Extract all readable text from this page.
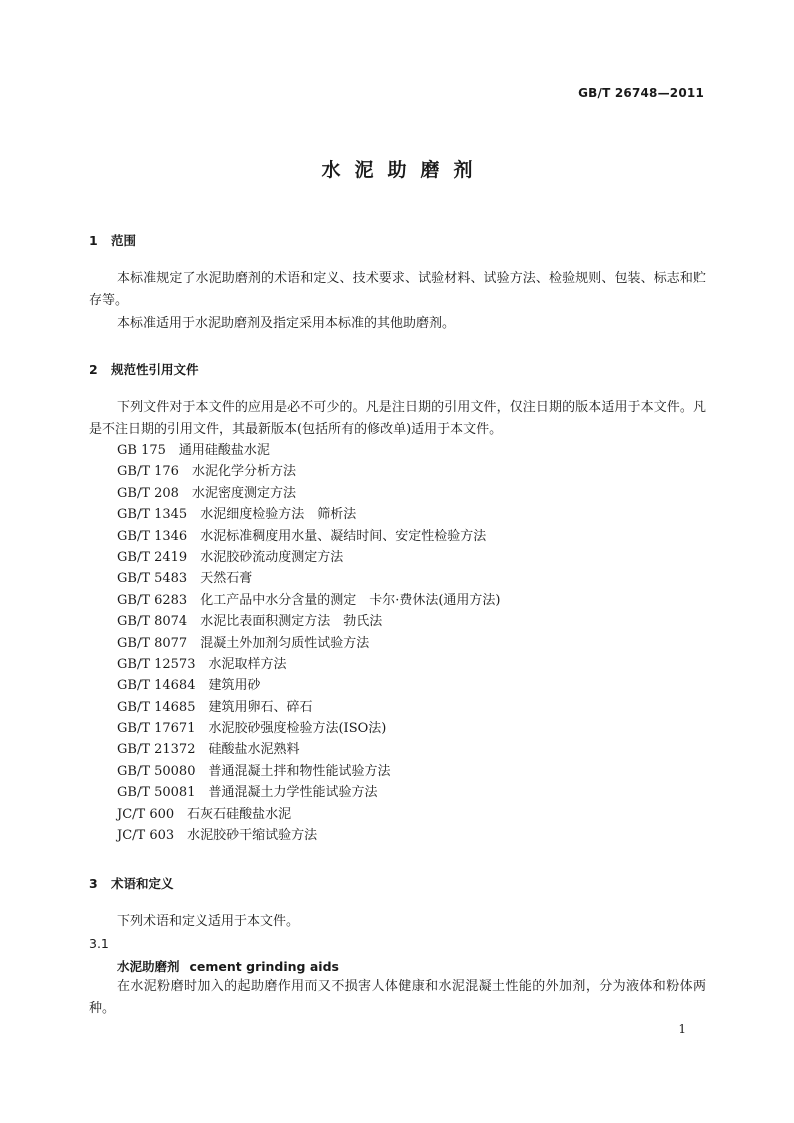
GB/T 26748—2011
水泥助磨剂
1 范围
本标准规定了水泥助磨剂的术语和定义、技术要求、试验材料、试验方法、检验规则、包装、标志和贮存等。
本标准适用于水泥助磨剂及指定采用本标准的其他助磨剂。
2 规范性引用文件
下列文件对于本文件的应用是必不可少的。凡是注日期的引用文件，仅注日期的版本适用于本文件。凡是不注日期的引用文件，其最新版本(包括所有的修改单)适用于本文件。
GB 175 通用硅酸盐水泥
GB/T 176 水泥化学分析方法
GB/T 208 水泥密度测定方法
GB/T 1345 水泥细度检验方法　筛析法
GB/T 1346 水泥标准稠度用水量、凝结时间、安定性检验方法
GB/T 2419 水泥胶砂流动度测定方法
GB/T 5483 天然石膏
GB/T 6283 化工产品中水分含量的测定　卡尔·费休法(通用方法)
GB/T 8074 水泥比表面积测定方法　勃氏法
GB/T 8077 混凝土外加剂匀质性试验方法
GB/T 12573 水泥取样方法
GB/T 14684 建筑用砂
GB/T 14685 建筑用卵石、碎石
GB/T 17671 水泥胶砂强度检验方法(ISO法)
GB/T 21372 硅酸盐水泥熟料
GB/T 50080 普通混凝土拌和物性能试验方法
GB/T 50081 普通混凝土力学性能试验方法
JC/T 600 石灰石硅酸盐水泥
JC/T 603 水泥胶砂干缩试验方法
3 术语和定义
下列术语和定义适用于本文件。
3.1
水泥助磨剂 cement grinding aids
在水泥粉磨时加入的起助磨作用而又不损害人体健康和水泥混凝土性能的外加剂，分为液体和粉体两种。
1
